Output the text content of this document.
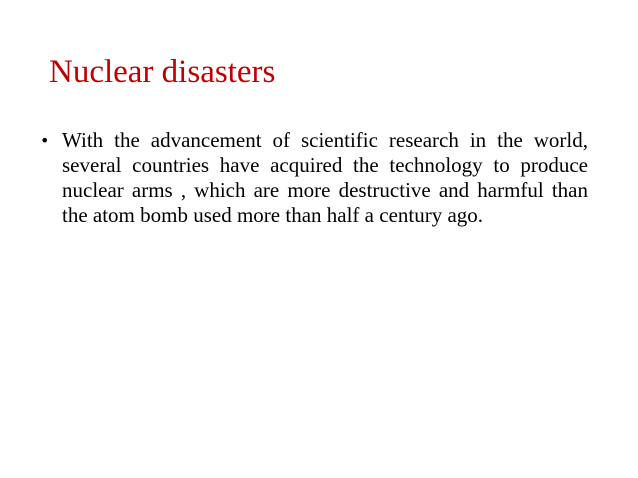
Nuclear disasters
• With the advancement of scientific research in the world, several countries have acquired the technology to produce nuclear arms , which are more destructive and harmful than the atom bomb used more than half a century ago.
